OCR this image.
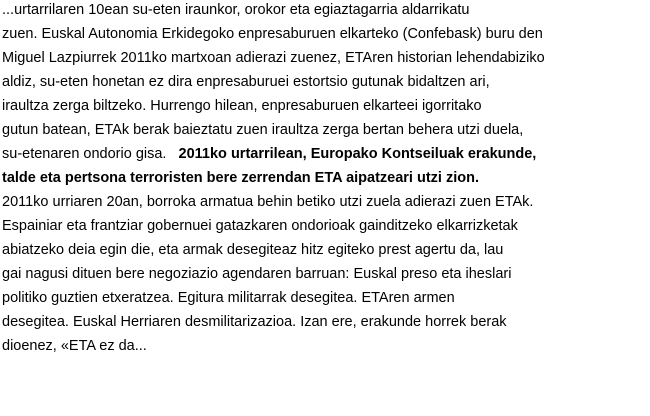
...urtarrilaren 10ean su-eten iraunkor, orokor eta egiaztagarria aldarrikatu
zuen. Euskal Autonomia Erkidegoko enpresaburuen elkarteko (Confebask) buru den
Miguel Lazpiurrek 2011ko martxoan adierazi zuenez, ETAren historian lehendabiziko
aldiz, su-eten honetan ez dira enpresaburuei estortsio gutunak bidaltzen ari,
iraultza zerga biltzeko. Hurrengo hilean, enpresaburuen elkarteei igorritako
gutun batean, ETAk berak baieztatu zuen iraultza zerga bertan behera utzi duela,
su-etenaren ondorio gisa.   2011ko urtarrilean, Europako Kontseiluak erakunde,
talde eta pertsona terroristen bere zerrendan ETA aipatzeari utzi zion.
2011ko urriaren 20an, borroka armatua behin betiko utzi zuela adierazi zuen ETAk.
Espainiar eta frantziar gobernuei gatazkaren ondorioak gainditzeko elkarrizketak
abiatzeko deia egin die, eta armak desegiteaz hitz egiteko prest agertu da, lau
gai nagusi dituen bere negoziazio agendaren barruan: Euskal preso eta iheslari
politiko guztien etxeratzea. Egitura militarrak desegitea. ETAren armen
desegitea. Euskal Herriaren desmilitarizazioa. Izan ere, erakunde horrek berak
dioenez, «ETA ez da...
